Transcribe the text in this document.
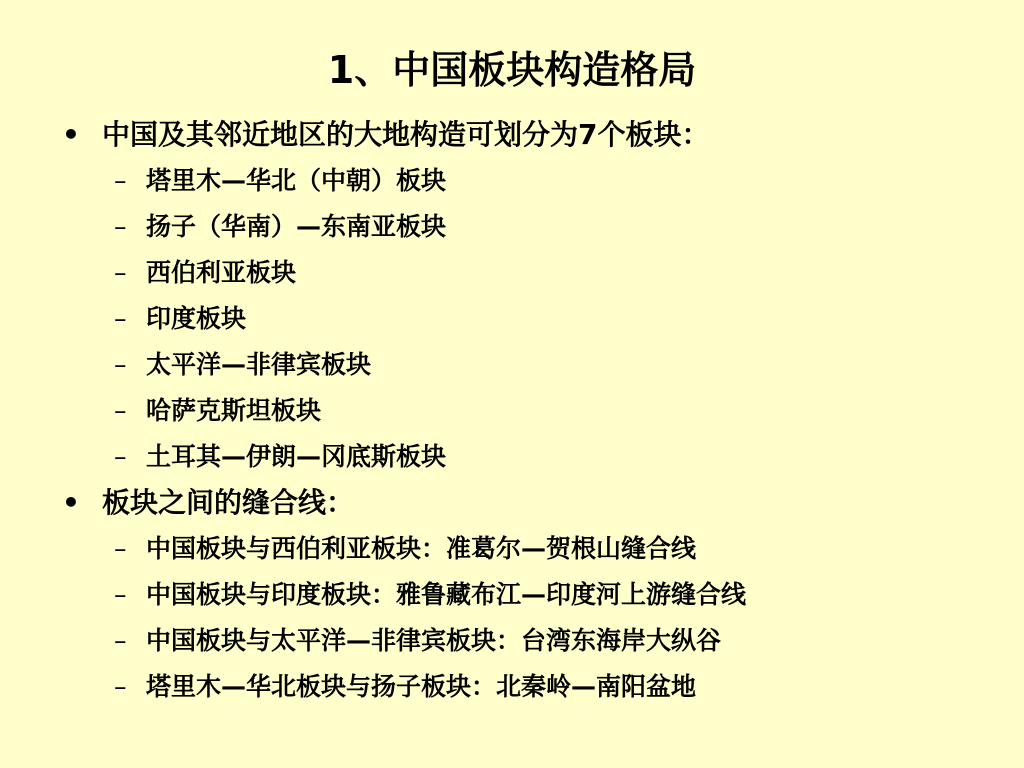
1、中国板块构造格局
• 中国及其邻近地区的大地构造可划分为7个板块：
– 塔里木—华北（中朝）板块
– 扬子（华南）—东南亚板块
– 西伯利亚板块
– 印度板块
– 太平洋—非律宾板块
– 哈萨克斯坦板块
– 土耳其—伊朗—冈底斯板块
• 板块之间的缝合线：
– 中国板块与西伯利亚板块：准葛尔—贺根山缝合线
– 中国板块与印度板块：雅鲁藏布江—印度河上游缝合线
– 中国板块与太平洋—非律宾板块：台湾东海岸大纵谷
– 塔里木—华北板块与扬子板块：北秦岭—南阳盆地
